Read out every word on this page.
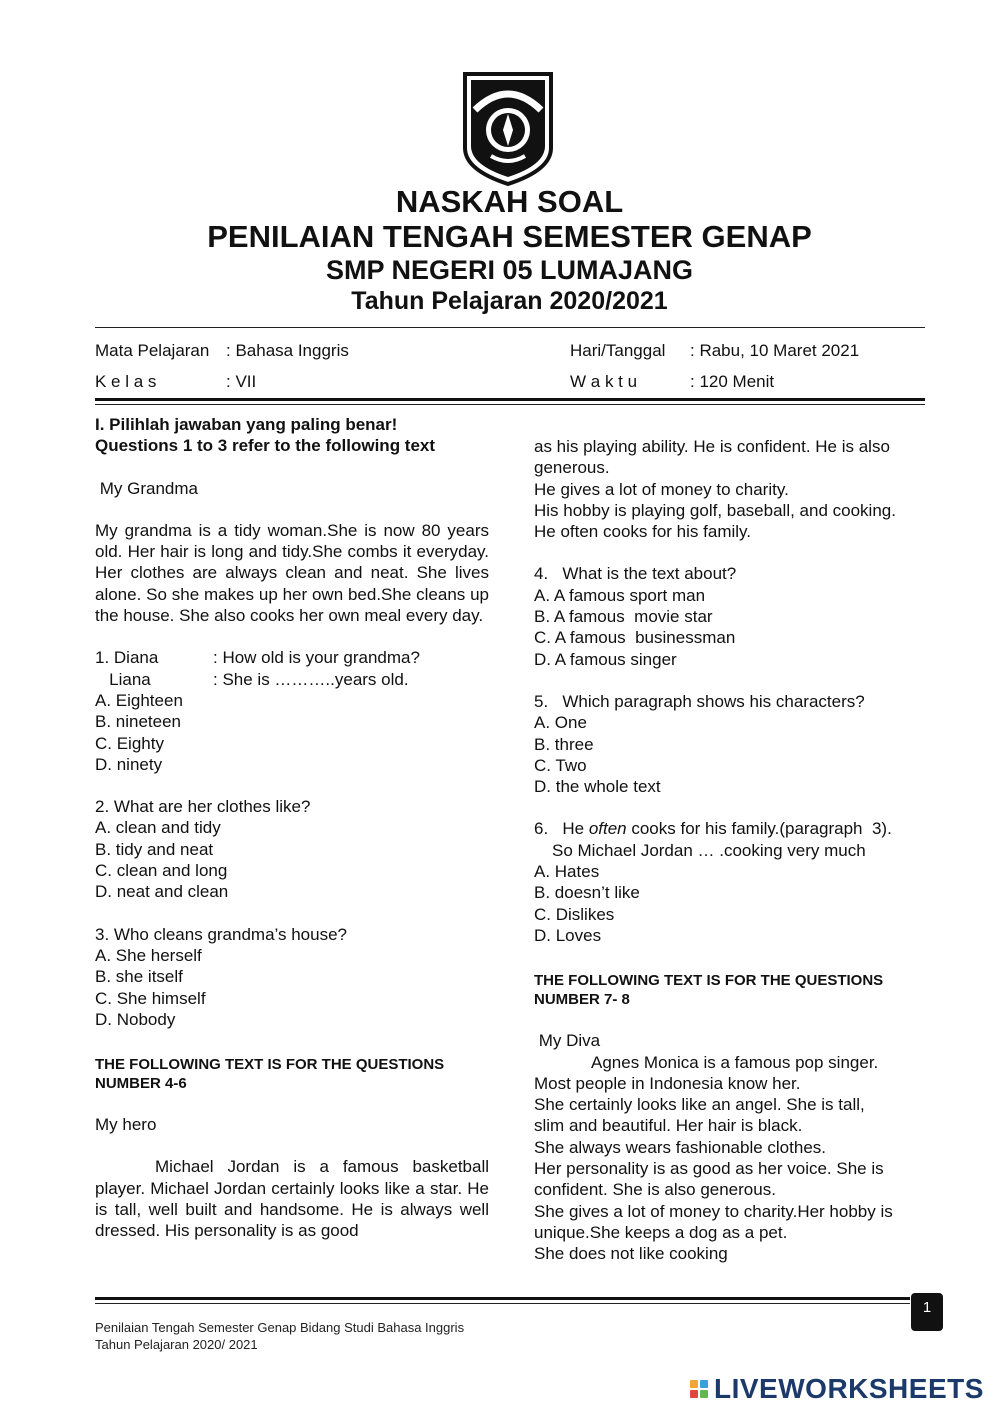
NASKAH SOAL
PENILAIAN TENGAH SEMESTER GENAP
SMP NEGERI 05 LUMAJANG
Tahun Pelajaran 2020/2021
Mata Pelajaran : Bahasa Inggris
K e l a s	: VII
Hari/Tanggal : Rabu, 10 Maret 2021
W a k t u	: 120 Menit

I. Pilihlah jawaban yang paling benar!

Questions 1 to 3 refer to the following text

My Grandma

My grandma is a tidy woman.She is now 80 years old. Her hair is long and tidy.She combs it everyday. Her clothes are always clean and neat. She lives alone. So she makes up her own bed.She cleans up the house. She also cooks her own meal every day.

1. Diana	: How old is your grandma?

Liana	: She is ………..years old.

A. Eighteen

B. nineteen

C. Eighty

D. ninety

2. What are her clothes like?

A. clean and tidy

B. tidy and neat

C. clean and long

D. neat and clean

3. Who cleans grandma’s house?

A. She herself

B. she itself

C. She himself

D. Nobody

THE FOLLOWING TEXT IS FOR THE QUESTIONS NUMBER 4-6

My hero

Michael Jordan is a famous basketball player. Michael Jordan certainly looks like a star. He is tall, well built and handsome. He is always well dressed. His personality is as good

as his playing ability. He is confident. He is also generous.

He gives a lot of money to charity.

His hobby is playing golf, baseball, and cooking.

He often cooks for his family.

4.   What is the text about?

A. A famous sport man

B. A famous  movie star

C. A famous  businessman

D. A famous singer

5.   Which paragraph shows his characters?

A. One

B. three

C. Two

D. the whole text

6.   He often cooks for his family.(paragraph  3).

So Michael Jordan … .cooking very much

A. Hates

B. doesn’t like

C. Dislikes

D. Loves

THE FOLLOWING TEXT IS FOR THE QUESTIONS NUMBER 7- 8

My Diva

Agnes Monica is a famous pop singer.

Most people in Indonesia know her.

She certainly looks like an angel. She is tall, slim and beautiful. Her hair is black.

She always wears fashionable clothes.

Her personality is as good as her voice. She is confident. She is also generous.

She gives a lot of money to charity.Her hobby is unique.She keeps a dog as a pet.

She does not like cooking

1
Penilaian Tengah Semester Genap Bidang Studi Bahasa Inggris
Tahun Pelajaran 2020/ 2021
LIVEWORKSHEETS
